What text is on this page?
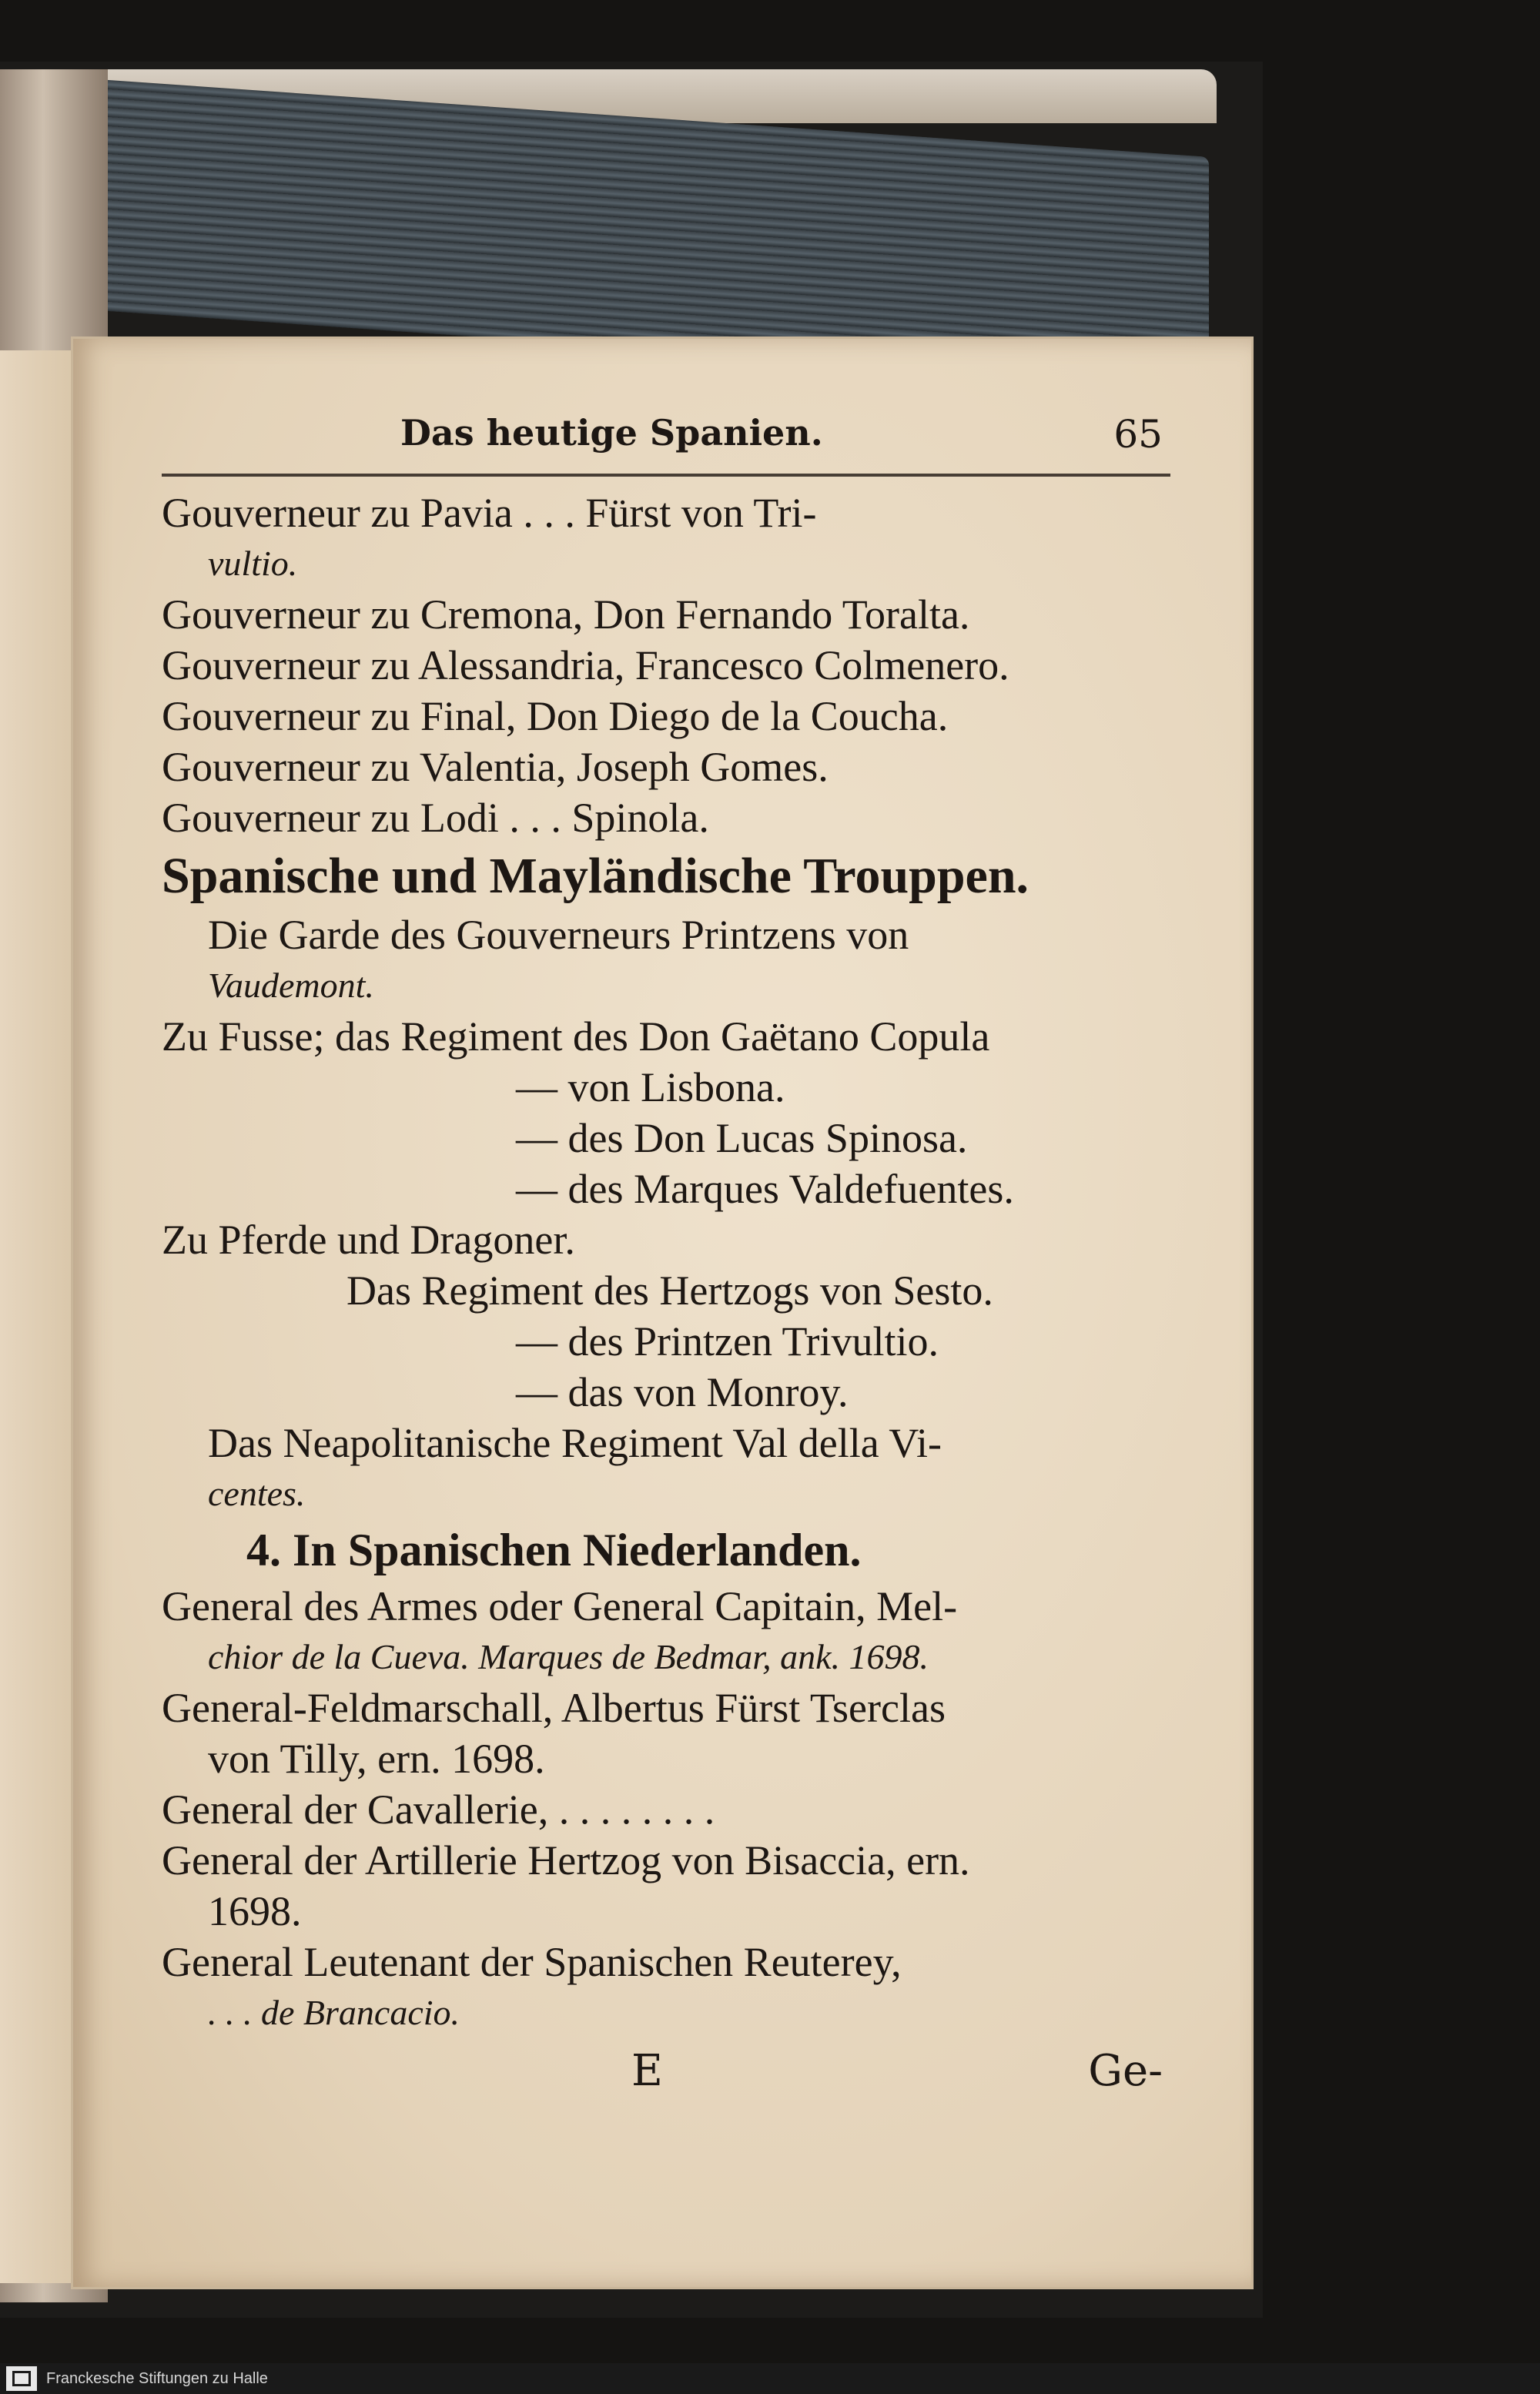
Das heutige Spanien.	65
Gouverneur zu Pavia . . . Fürst von Tri-
vultio.
Gouverneur zu Cremona, Don Fernando Toralta.
Gouverneur zu Alessandria, Francesco Colmenero.
Gouverneur zu Final, Don Diego de la Coucha.
Gouverneur zu Valentia, Joseph Gomes.
Gouverneur zu Lodi . . . Spinola.
Spanische und Mayländische Trouppen.
Die Garde des Gouverneurs Printzens von
Vaudemont.
Zu Fusse; das Regiment des Don Gaëtano Copula
— von Lisbona.
— des Don Lucas Spinosa.
— des Marques Valdefuentes.
Zu Pferde und Dragoner.
Das Regiment des Hertzogs von Sesto.
— des Printzen Trivultio.
— das von Monroy.
Das Neapolitanische Regiment Val della Vi-
centes.
4. In Spanischen Niederlanden.
General des Armes oder General Capitain, Mel-
chior de la Cueva. Marques de Bedmar, ank. 1698.
General-Feldmarschall, Albertus Fürst Tserclas
von Tilly, ern. 1698.
General der Cavallerie, . . . . . . . .
General der Artillerie Hertzog von Bisaccia, ern.
1698.
General Leutenant der Spanischen Reuterey,
. . . de Brancacio.
E	Ge-
Franckesche Stiftungen zu Halle
